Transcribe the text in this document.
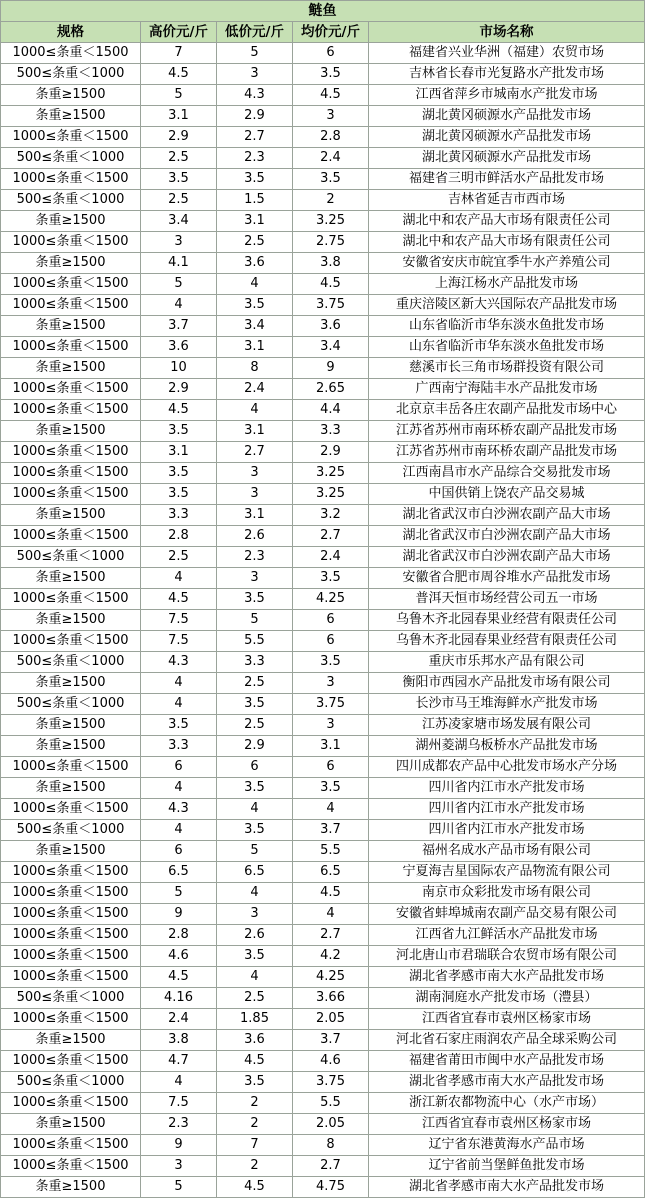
鲢鱼				
规格	高价元/斤	低价元/斤	均价元/斤	市场名称
1000≤条重＜1500	7	5	6	福建省兴业华洲（福建）农贸市场
500≤条重＜1000	4.5	3	3.5	吉林省长春市光复路水产批发市场
条重≥1500	5	4.3	4.5	江西省萍乡市城南水产批发市场
条重≥1500	3.1	2.9	3	湖北黄冈硕源水产品批发市场
1000≤条重＜1500	2.9	2.7	2.8	湖北黄冈硕源水产品批发市场
500≤条重＜1000	2.5	2.3	2.4	湖北黄冈硕源水产品批发市场
1000≤条重＜1500	3.5	3.5	3.5	福建省三明市鲜活水产品批发市场
500≤条重＜1000	2.5	1.5	2	吉林省延吉市西市场
条重≥1500	3.4	3.1	3.25	湖北中和农产品大市场有限责任公司
1000≤条重＜1500	3	2.5	2.75	湖北中和农产品大市场有限责任公司
条重≥1500	4.1	3.6	3.8	安徽省安庆市皖宜季牛水产养殖公司
1000≤条重＜1500	5	4	4.5	上海江杨水产品批发市场
1000≤条重＜1500	4	3.5	3.75	重庆涪陵区新大兴国际农产品批发市场
条重≥1500	3.7	3.4	3.6	山东省临沂市华东淡水鱼批发市场
1000≤条重＜1500	3.6	3.1	3.4	山东省临沂市华东淡水鱼批发市场
条重≥1500	10	8	9	慈溪市长三角市场群投资有限公司
1000≤条重＜1500	2.9	2.4	2.65	广西南宁海陆丰水产品批发市场
1000≤条重＜1500	4.5	4	4.4	北京京丰岳各庄农副产品批发市场中心
条重≥1500	3.5	3.1	3.3	江苏省苏州市南环桥农副产品批发市场
1000≤条重＜1500	3.1	2.7	2.9	江苏省苏州市南环桥农副产品批发市场
1000≤条重＜1500	3.5	3	3.25	江西南昌市水产品综合交易批发市场
1000≤条重＜1500	3.5	3	3.25	中国供销上饶农产品交易城
条重≥1500	3.3	3.1	3.2	湖北省武汉市白沙洲农副产品大市场
1000≤条重＜1500	2.8	2.6	2.7	湖北省武汉市白沙洲农副产品大市场
500≤条重＜1000	2.5	2.3	2.4	湖北省武汉市白沙洲农副产品大市场
条重≥1500	4	3	3.5	安徽省合肥市周谷堆水产品批发市场
1000≤条重＜1500	4.5	3.5	4.25	普洱天恒市场经营公司五一市场
条重≥1500	7.5	5	6	乌鲁木齐北园春果业经营有限责任公司
1000≤条重＜1500	7.5	5.5	6	乌鲁木齐北园春果业经营有限责任公司
500≤条重＜1000	4.3	3.3	3.5	重庆市乐邦水产品有限公司
条重≥1500	4	2.5	3	衡阳市西园水产品批发市场有限公司
500≤条重＜1000	4	3.5	3.75	长沙市马王堆海鲜水产批发市场
条重≥1500	3.5	2.5	3	江苏凌家塘市场发展有限公司
条重≥1500	3.3	2.9	3.1	湖州菱湖乌板桥水产品批发市场
1000≤条重＜1500	6	6	6	四川成都农产品中心批发市场水产分场
条重≥1500	4	3.5	3.5	四川省内江市水产批发市场
1000≤条重＜1500	4.3	4	4	四川省内江市水产批发市场
500≤条重＜1000	4	3.5	3.7	四川省内江市水产批发市场
条重≥1500	6	5	5.5	福州名成水产品市场有限公司
1000≤条重＜1500	6.5	6.5	6.5	宁夏海吉星国际农产品物流有限公司
1000≤条重＜1500	5	4	4.5	南京市众彩批发市场有限公司
1000≤条重＜1500	9	3	4	安徽省蚌埠城南农副产品交易有限公司
1000≤条重＜1500	2.8	2.6	2.7	江西省九江鲜活水产品批发市场
1000≤条重＜1500	4.6	3.5	4.2	河北唐山市君瑞联合农贸市场有限公司
1000≤条重＜1500	4.5	4	4.25	湖北省孝感市南大水产品批发市场
500≤条重＜1000	4.16	2.5	3.66	湖南洞庭水产批发市场（澧县）
1000≤条重＜1500	2.4	1.85	2.05	江西省宜春市袁州区杨家市场
条重≥1500	3.8	3.6	3.7	河北省石家庄雨润农产品全球采购公司
1000≤条重＜1500	4.7	4.5	4.6	福建省莆田市闽中水产品批发市场
500≤条重＜1000	4	3.5	3.75	湖北省孝感市南大水产品批发市场
1000≤条重＜1500	7.5	2	5.5	浙江新农都物流中心（水产市场）
条重≥1500	2.3	2	2.05	江西省宜春市袁州区杨家市场
1000≤条重＜1500	9	7	8	辽宁省东港黄海水产品市场
1000≤条重＜1500	3	2	2.7	辽宁省前当堡鲜鱼批发市场
条重≥1500	5	4.5	4.75	湖北省孝感市南大水产品批发市场
